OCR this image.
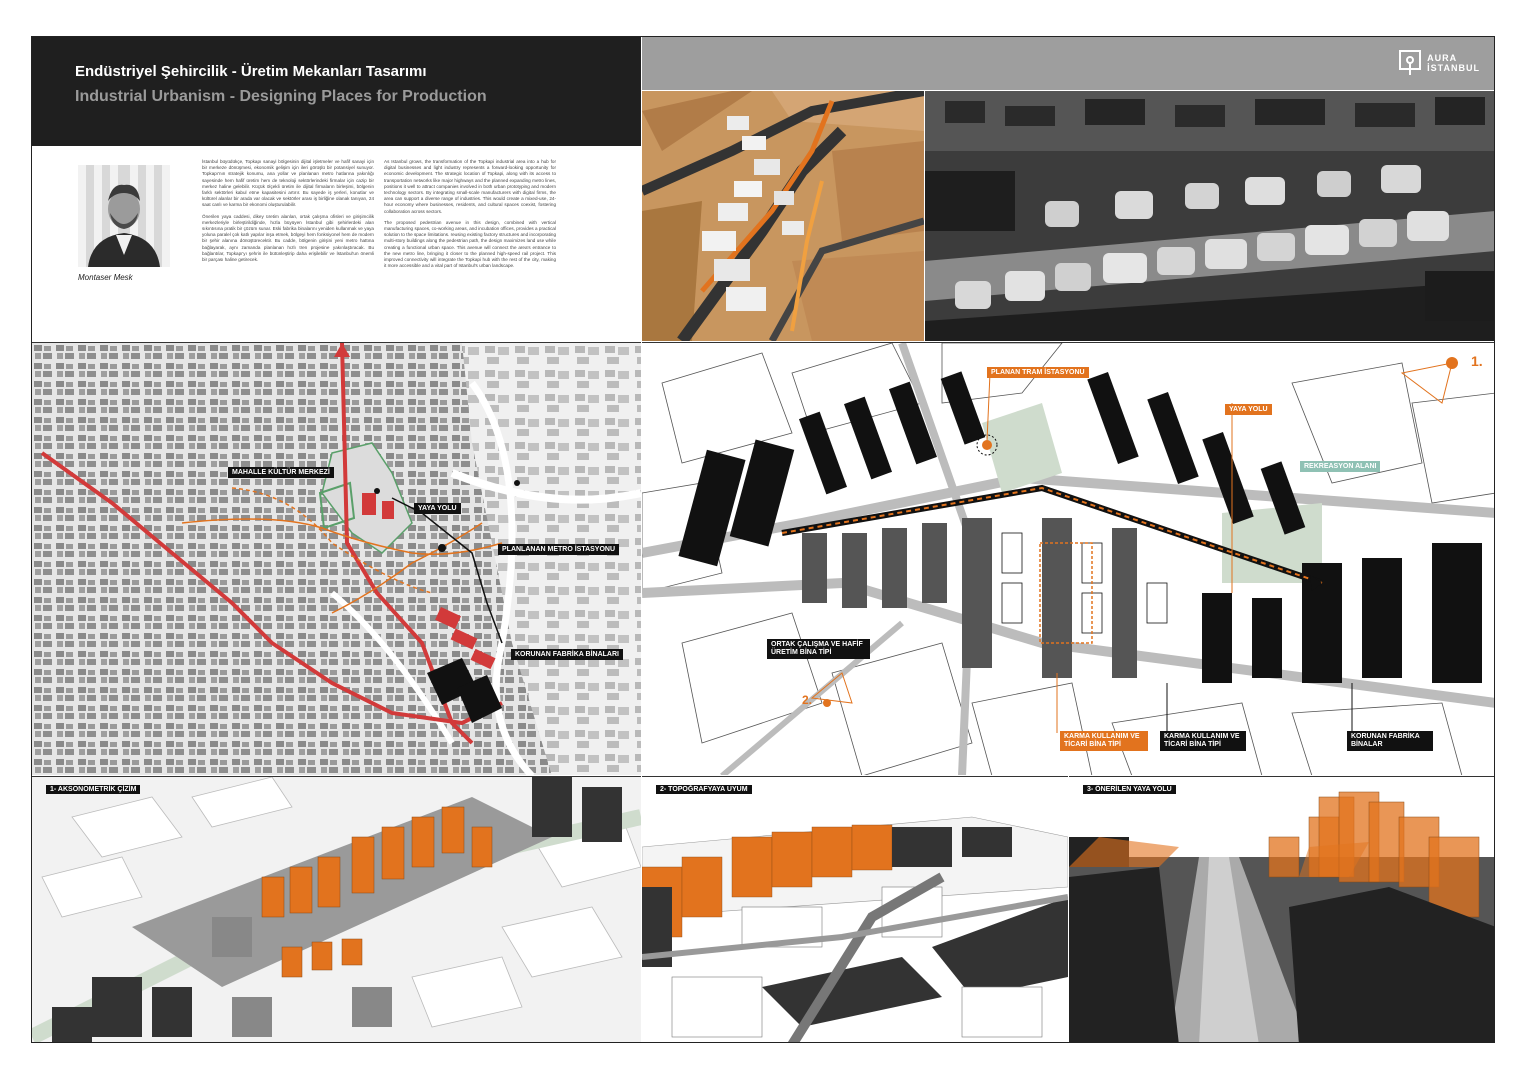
Endüstriyel Şehircilik - Üretim Mekanları Tasarımı
Industrial Urbanism - Designing Places for Production
AURA
İSTANBUL
Montaser Mesk

İstanbul büyüdükçe, Topkapı sanayi bölgesinin dijital işletmeler ve hafif sanayi için bir merkeze dönüşmesi, ekonomik gelişim için ileri görüşlü bir potansiyel sunuyor. Topkapı'nın stratejik konumu, ana yollar ve planlanan metro hatlarına yakınlığı sayesinde hem hafif üretim hem de teknoloji sektörlerindeki firmalar için cazip bir merkez haline gelebilir. Küçük ölçekli üretim ile dijital firmaların birleşimi, bölgenin farklı sektörleri kabul etme kapasitesini artırır. Bu sayede iş yerleri, konutlar ve kültürel alanlar bir arada var olacak ve sektörler arası iş birliğine olanak tanıyan, 24 saat canlı ve karma bir ekonomi oluşturulabilir.

Önerilen yaya caddesi, dikey üretim alanları, ortak çalışma ofisleri ve girişimcilik merkezleriyle birleştirildiğinde, hızla büyüyen İstanbul gibi şehirlerdeki alan sıkıntısına pratik bir çözüm sunar. Eski fabrika binalarını yeniden kullanmak ve yaya yoluna paralel çok katlı yapılar inşa etmek, bölgeyi hem fonksiyonel hem de modern bir şehir alanına dönüştürecektir. Bu cadde, bölgenin girişini yeni metro hattına bağlayarak, aynı zamanda planlanan hızlı tren projesine yakınlaştıracak. Bu bağlantılar, Topkapı'yı şehrin ile bütünleştirip daha erişilebilir ve İstanbul'un önemli bir parçası haline getirecek.

As Istanbul grows, the transformation of the Topkapi industrial area into a hub for digital businesses and light industry represents a forward-looking opportunity for economic development. The strategic location of Topkapi, along with its access to transportation networks like major highways and the planned expanding metro lines, positions it well to attract companies involved in both urban prototyping and modern technology sectors. By integrating small-scale manufacturers with digital firms, the area can support a diverse range of industries. This would create a mixed-use, 24-hour economy where businesses, residents, and cultural spaces coexist, fostering collaboration across sectors.

The proposed pedestrian avenue in this design, combined with vertical manufacturing spaces, co-working areas, and incubation offices, provides a practical solution to the space limitations. reusing existing factory structures and incorporating multi-story buildings along the pedestrian path, the design maximizes land use while creating a functional urban space. This avenue will connect the area's entrance to the new metro line, bringing it closer to the planned high-speed rail project. This improved connectivity will integrate the Topkapi hub with the rest of the city, making it more accessible and a vital part of Istanbul's urban landscape.

MAHALLE KÜLTÜR MERKEZİ
YAYA YOLU
PLANLANAN METRO İSTASYONU
KORUNAN FABRİKA BİNALARI
PLANAN TRAM İSTASYONU
YAYA YOLU
REKREASYON ALANI
ORTAK ÇALIŞMA VE HAFİF ÜRETİM BİNA TİPİ
KARMA KULLANIM VE TİCARİ BİNA TİPİ
KARMA KULLANIM VE TİCARİ BİNA TİPİ
KORUNAN FABRİKA BİNALAR
1.
2.
1- AKSONOMETRİK ÇİZİM	2- TOPOĞRAFYAYA UYUM	3- ÖNERİLEN YAYA YOLU
